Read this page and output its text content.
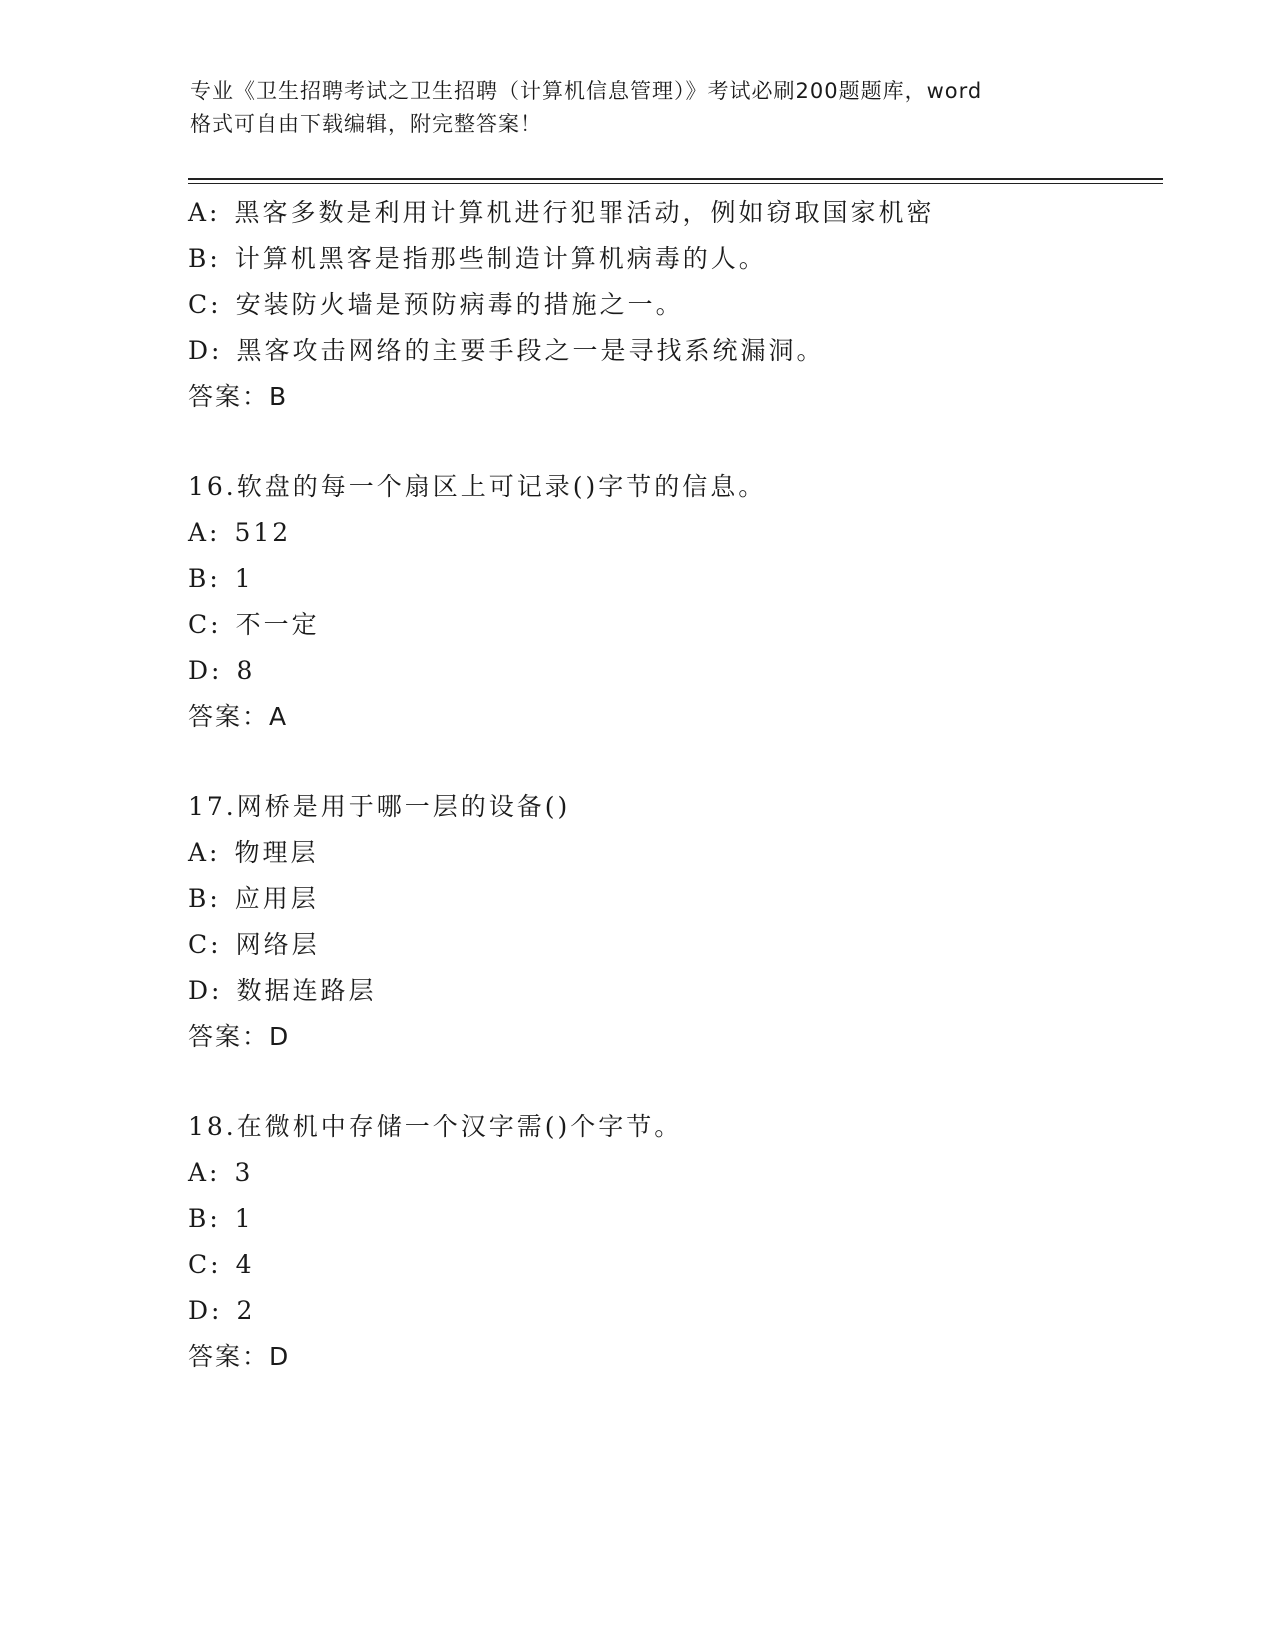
专业《卫生招聘考试之卫生招聘（计算机信息管理）》考试必刷200题题库，word
格式可自由下载编辑，附完整答案！
A: 黑客多数是利用计算机进行犯罪活动，例如窃取国家机密
B: 计算机黑客是指那些制造计算机病毒的人。
C: 安装防火墙是预防病毒的措施之一。
D: 黑客攻击网络的主要手段之一是寻找系统漏洞。
答案：B
16.软盘的每一个扇区上可记录()字节的信息。
A: 512
B: 1
C: 不一定
D: 8
答案：A
17.网桥是用于哪一层的设备()
A: 物理层
B: 应用层
C: 网络层
D: 数据连路层
答案：D
18.在微机中存储一个汉字需()个字节。
A: 3
B: 1
C: 4
D: 2
答案：D
